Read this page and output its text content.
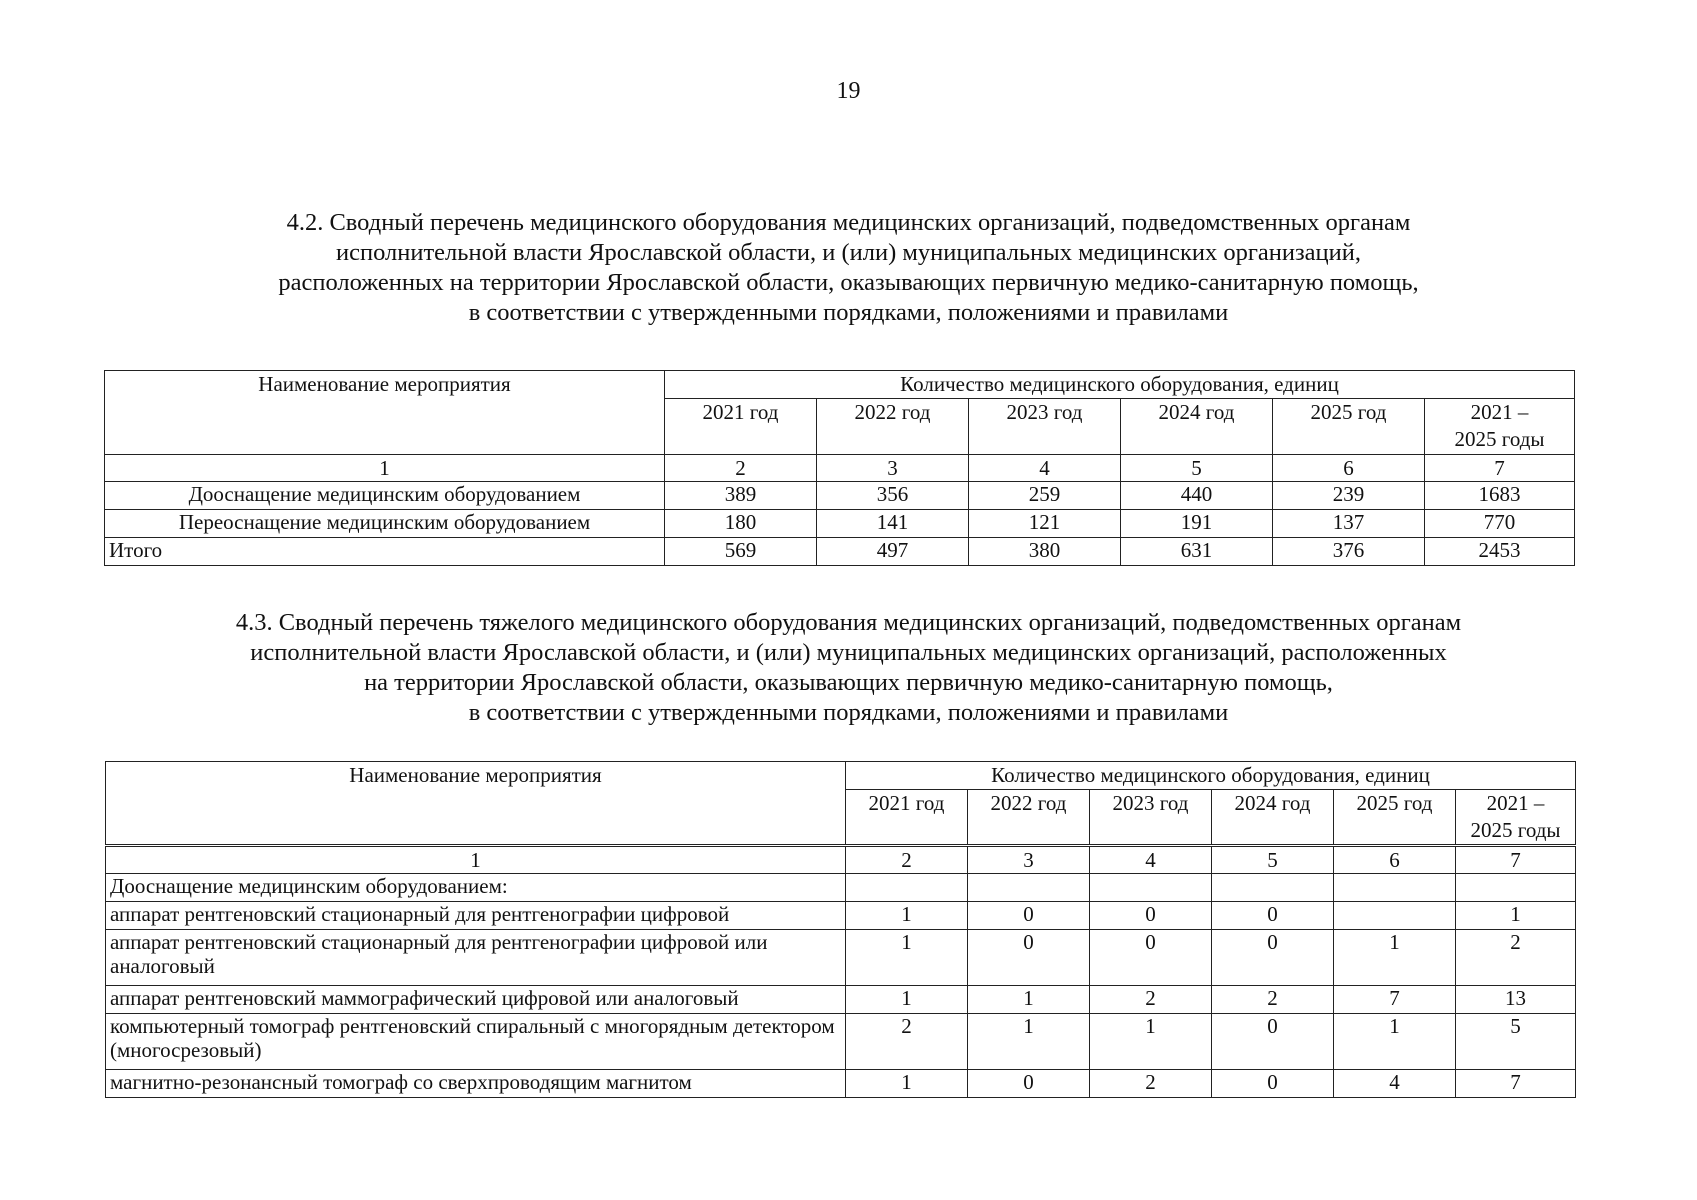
19
4.2. Сводный перечень медицинского оборудования медицинских организаций, подведомственных органам
исполнительной власти Ярославской области, и (или) муниципальных медицинских организаций,
расположенных на территории Ярославской области, оказывающих первичную медико-санитарную помощь,
в соответствии с утвержденными порядками, положениями и правилами
Наименование мероприятия	Количество медицинского оборудования, единиц					
	2021 год	2022 год	2023 год	2024 год	2025 год	2021 –
2025 годы
1	2	3	4	5	6	7
Дооснащение медицинским оборудованием	389	356	259	440	239	1683
Переоснащение медицинским оборудованием	180	141	121	191	137	770
Итого	569	497	380	631	376	2453
4.3. Сводный перечень тяжелого медицинского оборудования медицинских организаций, подведомственных органам
исполнительной власти Ярославской области, и (или) муниципальных медицинских организаций, расположенных
на территории Ярославской области, оказывающих первичную медико-санитарную помощь,
в соответствии с утвержденными порядками, положениями и правилами
Наименование мероприятия	Количество медицинского оборудования, единиц					
	2021 год	2022 год	2023 год	2024 год	2025 год	2021 –
2025 годы
1	2	3	4	5	6	7
Дооснащение медицинским оборудованием:						
аппарат рентгеновский стационарный для рентгенографии цифровой	1	0	0	0		1
аппарат рентгеновский стационарный для рентгенографии цифровой или аналоговый	1	0	0	0	1	2
аппарат рентгеновский маммографический цифровой или аналоговый	1	1	2	2	7	13
компьютерный томограф рентгеновский спиральный с многорядным детектором (многосрезовый)	2	1	1	0	1	5
магнитно-резонансный томограф со сверхпроводящим магнитом	1	0	2	0	4	7
